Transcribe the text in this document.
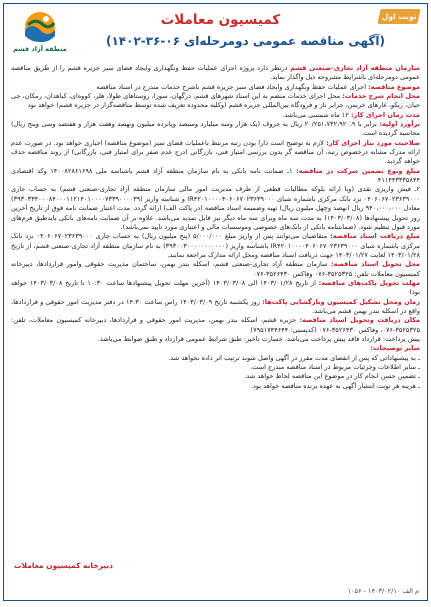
نوبت اول
کمیسیون معاملات
(آگهی مناقصه عمومی دومرحله‌ای ۰۶-۳۶-۱۴۰۲)
منطقه آزاد قشم

سازمان منطقه آزاد تجاری-صنعتی قشم درنظر دارد پروژه اجرای عملیات حفظ ونگهداری وایجاد فضای سبز جزیره قشم را از طریق مناقصه عمومی دومرحله‌ای باشرایط مشروحه ذیل واگذار نماید.

موضوع مناقصه: اجرای عملیات حفظ ونگهداری وایجاد فضای سبز جزیره قشم باشرح خدمات مندرج در اسناد مناقصه

محل انجام شرح خدمات: محل اجرای خدمات منضم به این اسناد شهرهای قشم، درگهان، سوزا، روستاهای طولا، هلر، کووه‌ای، کباهدان، رمکان، جی جیان، ریکو، غارهای خربس، جزایر ناز و فرودگاه بین‌المللی جزیره قشم (وکلیه محدوده تعریف شده توسط مناقصه‌گزار در جزیره قشم) خواهد بود

مدت زمان اجرای کار: ۱۲ ماه شمسی می‌باشد.

برآورد اولیه: برابر با ۲۰/۲۵۱،۷۳۲،۹۲۰،۹ ریال به حروف (یک هزار وسه میلیارد وسیصد وپانزده میلیون ونهصد وهفت هزار و هفتصد وسی وپنج ریال) محاسبه گردیده است.

صلاحیت مورد نیاز اجرای کار: لازم به توضیح است دارا بودن رتبه مرتبط باعملیات فضای سبز (موضوع مناقصه) اجباری خواهد بود. در صورت عدم ارائه مدرک مشابه درخصوص رتبه، آن مناقصه گر بدون بررسی امتیاز فنی، بازرگانی (درج عدم صفر برای امتیاز فنی، بازرگانی) از روند مناقصه حذف خواهد گردید.

مبلغ ونوع تضمین شرکت در مناقصه: ۱ـ ضمانت نامه بانکی به نام سازمان منطقه آزاد قشم باشناسه ملی ۱۴۰۰۸۲۸۶۱۶۹۸ وکد اقتصادی ۴۱۱۴۴۳۳۳۵۸۴۴

۲ـ فیش واریزی نقدی (وبا ارائه بلوکه مطالبات قطعی از طرف مدیریت امور مالی سازمان منطقه آزاد تجاری-صنعتی قشم) به حساب جاری ۰۴۰۶۰۶۷۰۲۳۶۳۹۰۰۰ نزد بانک مرکزی باشماره شبای IR۴۲۰۱۰۰۰۰۴۰۶۰۶۷۰۲۳۶۳۹۰۰۰ و شناسه واریز (۳۹۳۰۳۳۴۰۰۰۸۴۰۰۰۱۱۲۱۴۰۱۰۰۰۰۷۳۳۹۰۰۰۰۳۹) معادل ۹۴۰،۰۰۰،۰۰۰ ریال (نهصد وچهل میلیون ریال) تهیه وضمیمه اسناد مناقصه (در پاکت الف) ارائه گردد. مدت اعتبار ضمانت نامه فوق از تاریخ آخرین روز تحویل پیشنهادها (۱۴۰۳/۰۳/۰۸) به مدت سه ماه وبرای سه ماه دیگر نیز قابل تمدید می‌باشد. علاوه بر آن ضمانت نامه‌های بانکی بایدطبق فرم‌های مورد قبول تنظیم شود. (ضمانتنامه بانکی از بانک‌های خصوصی وموسسات مالی و اعتباری مورد تایید نمی‌باشد).

مبلغ دریافت اسناد مناقصه: متقاضیان می‌توانند پس از واریز مبلغ ۵/۰۰۰/۰۰۰ (پنج میلیون ریال) به حساب جاری ۰۴۰۶۰۶۷۰۲۳۶۳۹۰۰۰ نزد بانک مرکزی باشماره شبای IR۴۲۰۱۰۰۰۰۴۰۶۰۶۷۰۲۳۶۳۹۰۰۰ باشناسه واریز (۳۹۳۰۰۳۰۰۰۰۰۰۰۰۰۰۰) به نام سازمان منطقه آزاد تجاری-صنعتی قشم، از تاریخ ۱۴۰۳/۰۱/۲۸ لغایت ۱۴۰۳/۰۱/۲۷ جهت دریافت اسناد مناقصه ومحل ارائه مدارک مراجعه نمایند.

محل تحویل اسناد مناقصه: سازمان منطقه آزاد تجاری-صنعتی قشم، اسکله بندر بهمن، ساختمان مدیریت حقوقی وامور قرارداد‌ها، دبیرخانه کمیسیون معاملات تلفن: ۳۵۲۵۳۲۵-۰۷۶ وفاکس ۳۵۲۶۴۳۰-۰۷۶

مهلت تحویل پاکت‌های مناقصه: از تاریخ ۱۴۰۳/۰۱/۲۸ الی ۱۴۰۳/۰۳/۰۸ (آخرین مهلت تحویل پیشنهادها ساعت ۱۰:۳۰ تا تاریخ ۱۴۰۳/۰۳/۰۸ خواهد بود)

زمان ومحل تشکیل کمیسیون وبازگشایی پاکت‌ها: روز یکشنبه تاریخ ۱۴۰۳/۰۳/۰۹ راس ساعت ۱۴:۳۰ در دفتر مدیریت امور حقوقی و قراردادها، واقع در اسکله بندر بهمن قشم می‌باشد.

مکان دریافت وتحویل اسناد مناقصه: جزیره قشم، اسکله بندر بهمن، مدیریت امور حقوقی و قراردادها، دبیرخانه کمیسیون معاملات، تلفن: ۳۵۲۵۳۲۵-۰۷۶، وفاکس ۳۵۲۶۴۳۰-۰۷۶ (کدپستی: ۷۹۵۱۷۴۴۶۴۴)

پیش پرداخت: قرارداد فاقد پیش پرداخت می‌باشد. خسارت تاخیر: طبق شرایط عمومی قرارداد و طبق ضوابط می‌باشد.

سایر توضیحات:

ـ به پیشنهاداتی که پس از انقضای مدت مقرر در آگهی واصل شوند ترتیب اثر داده نخواهد شد.

ـ سایر اطلاعات وجزئیات مربوط در اسناد مناقصه مندرج است.

ـ تضمین حسن انجام کار در موضوع این مناقصه لحاظ خواهد شد.

ـ هزینه هر نوبت انتشار آگهی به عهده برنده مناقصه خواهد بود.

دبیرخانه کمیسیون معاملات
م الف ۱۴۰۳/۰۲/۱۰ - ۱۰۵۶
